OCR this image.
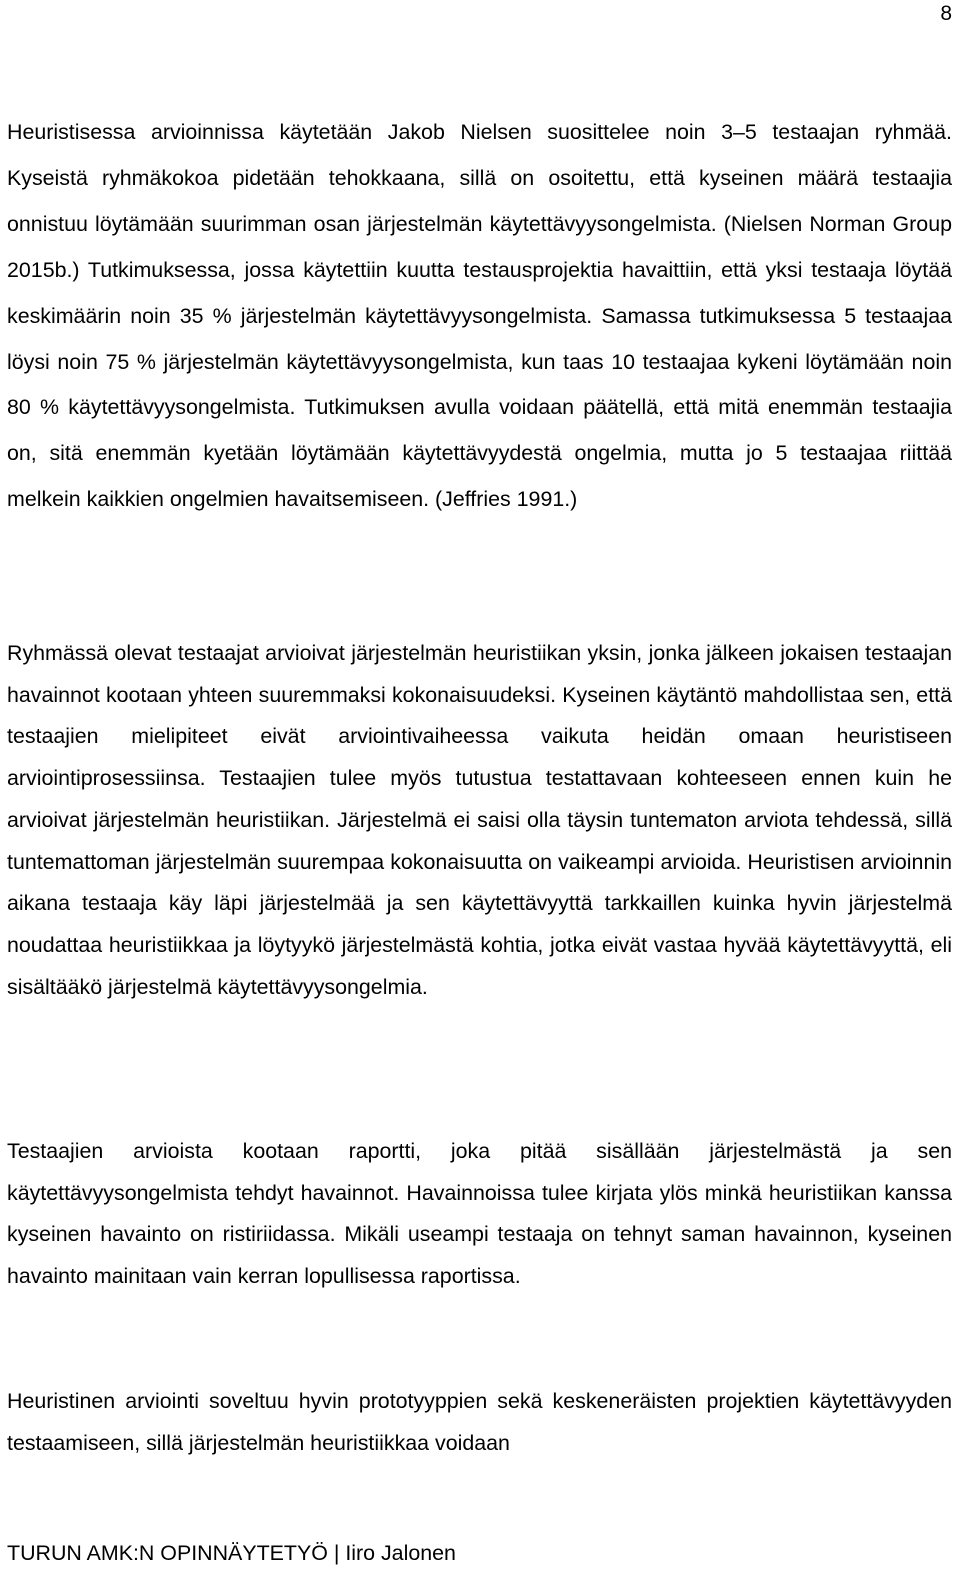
8

Heuristisessa arvioinnissa käytetään Jakob Nielsen suosittelee noin 3–5 testaajan ryhmää. Kyseistä ryhmäkokoa pidetään tehokkaana, sillä on osoitettu, että kyseinen määrä testaajia onnistuu löytämään suurimman osan järjestelmän käytettävyysongelmista. (Nielsen Norman Group 2015b.) Tutkimuksessa, jossa käytettiin kuutta testausprojektia havaittiin, että yksi testaaja löytää keskimäärin noin 35 % järjestelmän käytettävyysongelmista. Samassa tutkimuksessa 5 testaajaa löysi noin 75 % järjestelmän käytettävyysongelmista, kun taas 10 testaajaa kykeni löytämään noin 80 % käytettävyysongelmista. Tutkimuksen avulla voidaan päätellä, että mitä enemmän testaajia on, sitä enemmän kyetään löytämään käytettävyydestä ongelmia, mutta jo 5 testaajaa riittää melkein kaikkien ongelmien havaitsemiseen. (Jeffries 1991.)

Ryhmässä olevat testaajat arvioivat järjestelmän heuristiikan yksin, jonka jälkeen jokaisen testaajan havainnot kootaan yhteen suuremmaksi kokonaisuudeksi. Kyseinen käytäntö mahdollistaa sen, että testaajien mielipiteet eivät arviointivaiheessa vaikuta heidän omaan heuristiseen arviointiprosessiinsa. Testaajien tulee myös tutustua testattavaan kohteeseen ennen kuin he arvioivat järjestelmän heuristiikan. Järjestelmä ei saisi olla täysin tuntematon arviota tehdessä, sillä tuntemattoman järjestelmän suurempaa kokonaisuutta on vaikeampi arvioida. Heuristisen arvioinnin aikana testaaja käy läpi järjestelmää ja sen käytettävyyttä tarkkaillen kuinka hyvin järjestelmä noudattaa heuristiikkaa ja löytyykö järjestelmästä kohtia, jotka eivät vastaa hyvää käytettävyyttä, eli sisältääkö järjestelmä käytettävyysongelmia.

Testaajien arvioista kootaan raportti, joka pitää sisällään järjestelmästä ja sen käytettävyysongelmista tehdyt havainnot. Havainnoissa tulee kirjata ylös minkä heuristiikan kanssa kyseinen havainto on ristiriidassa. Mikäli useampi testaaja on tehnyt saman havainnon, kyseinen havainto mainitaan vain kerran lopullisessa raportissa.

Heuristinen arviointi soveltuu hyvin prototyyppien sekä keskeneräisten projektien käytettävyyden testaamiseen, sillä järjestelmän heuristiikkaa voidaan

TURUN AMK:N OPINNÄYTETYÖ | Iiro Jalonen
